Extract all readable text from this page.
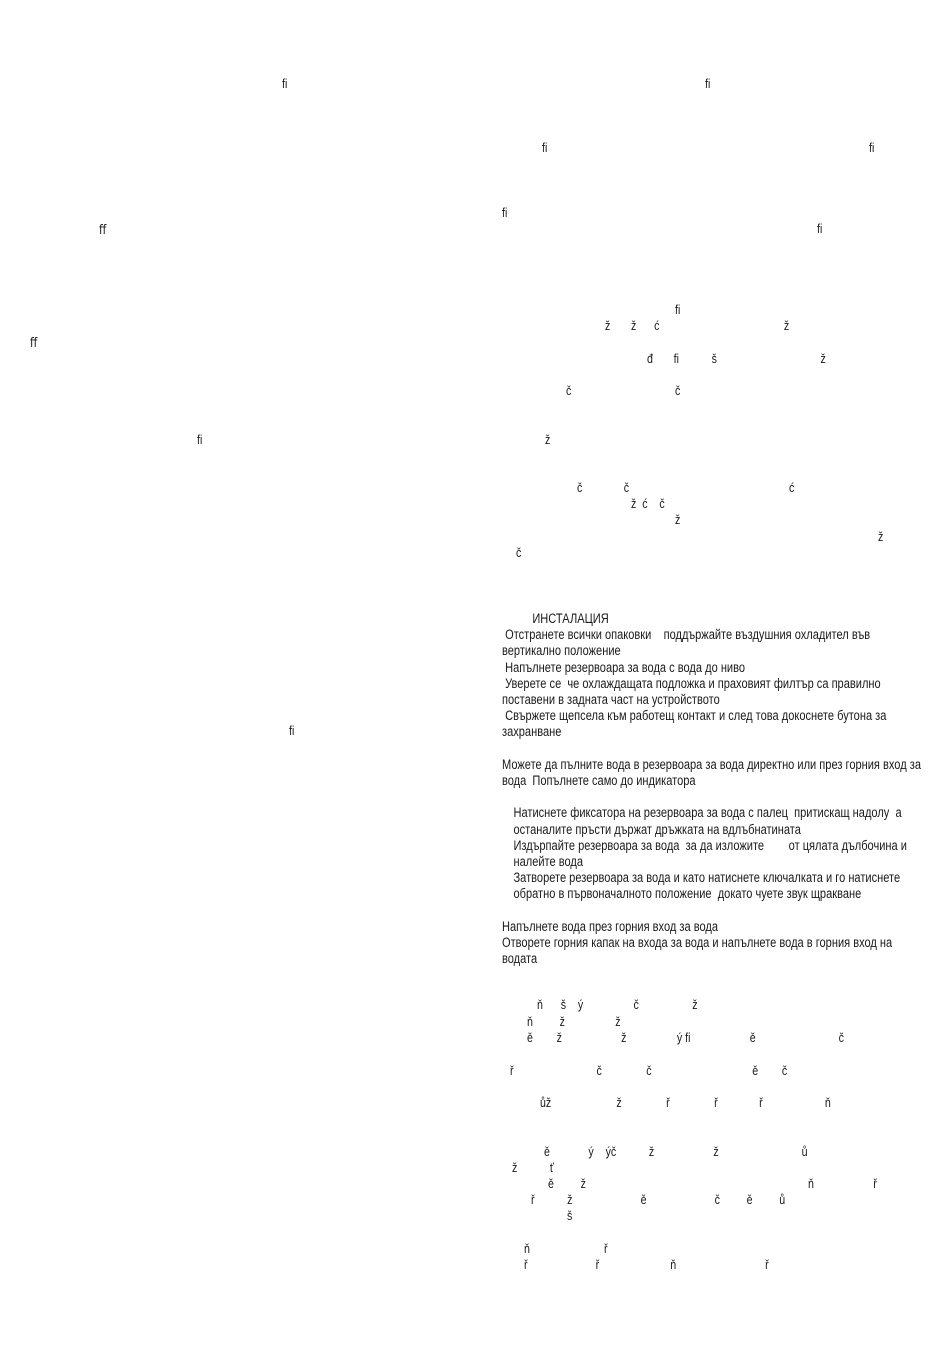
ﬁ
ﬀ
ﬀ
ﬁ
ﬁ
ﬁ
ﬁ	ﬁ
ﬁ
ﬁ
ﬁ
ž       ž      ć                                          ž
đ       ﬁ           š                                   ž
č                                   č
ž
č              č                                                      ć
ž  ć    č
ž
ž
č

ИНСТАЛАЦИЯ

Отстранете всички опаковки    поддържайте въздушния охладител във вертикално положение

Напълнете резервоара за вода с вода до ниво

Уверете се  че охлаждащата подложка и праховият филтър са правилно поставени в задната част на устройството

Свържете щепсела към работещ контакт и след това докоснете бутона за захранване

Можете да пълните вода в резервоара за вода директно или през горния вход за вода  Попълнете само до индикатора

Натиснете фиксатора на резервоара за вода с палец  притискащ надолу  а останалите пръсти държат дръжката на вдлъбнатината

Издърпайте резервоара за вода  за да изложите        от цялата дълбочина и налейте вода

Затворете резервоара за вода и като натиснете ключалката и го натиснете обратно в първоначалното положение  докато чуете звук щракване

Напълнете вода през горния вход за вода

Отворете горния капак на входа за вода и напълнете вода в горния вход на водата

ň      š    ý                 č                  ž
ň         ž                 ž
ě        ž                    ž                 ý ﬁ                    ě                            č
ř                            č               č                                  ě        č
ůž                      ž               ř               ř              ř                     ň
ě             ý    ýč           ž                    ž                            ů
ž           ť
ě         ž                                                                           ň                    ř
ř           ž                       ě                       č         ě         ů
š
ň                         ř
ř                       ř                        ň                              ř
